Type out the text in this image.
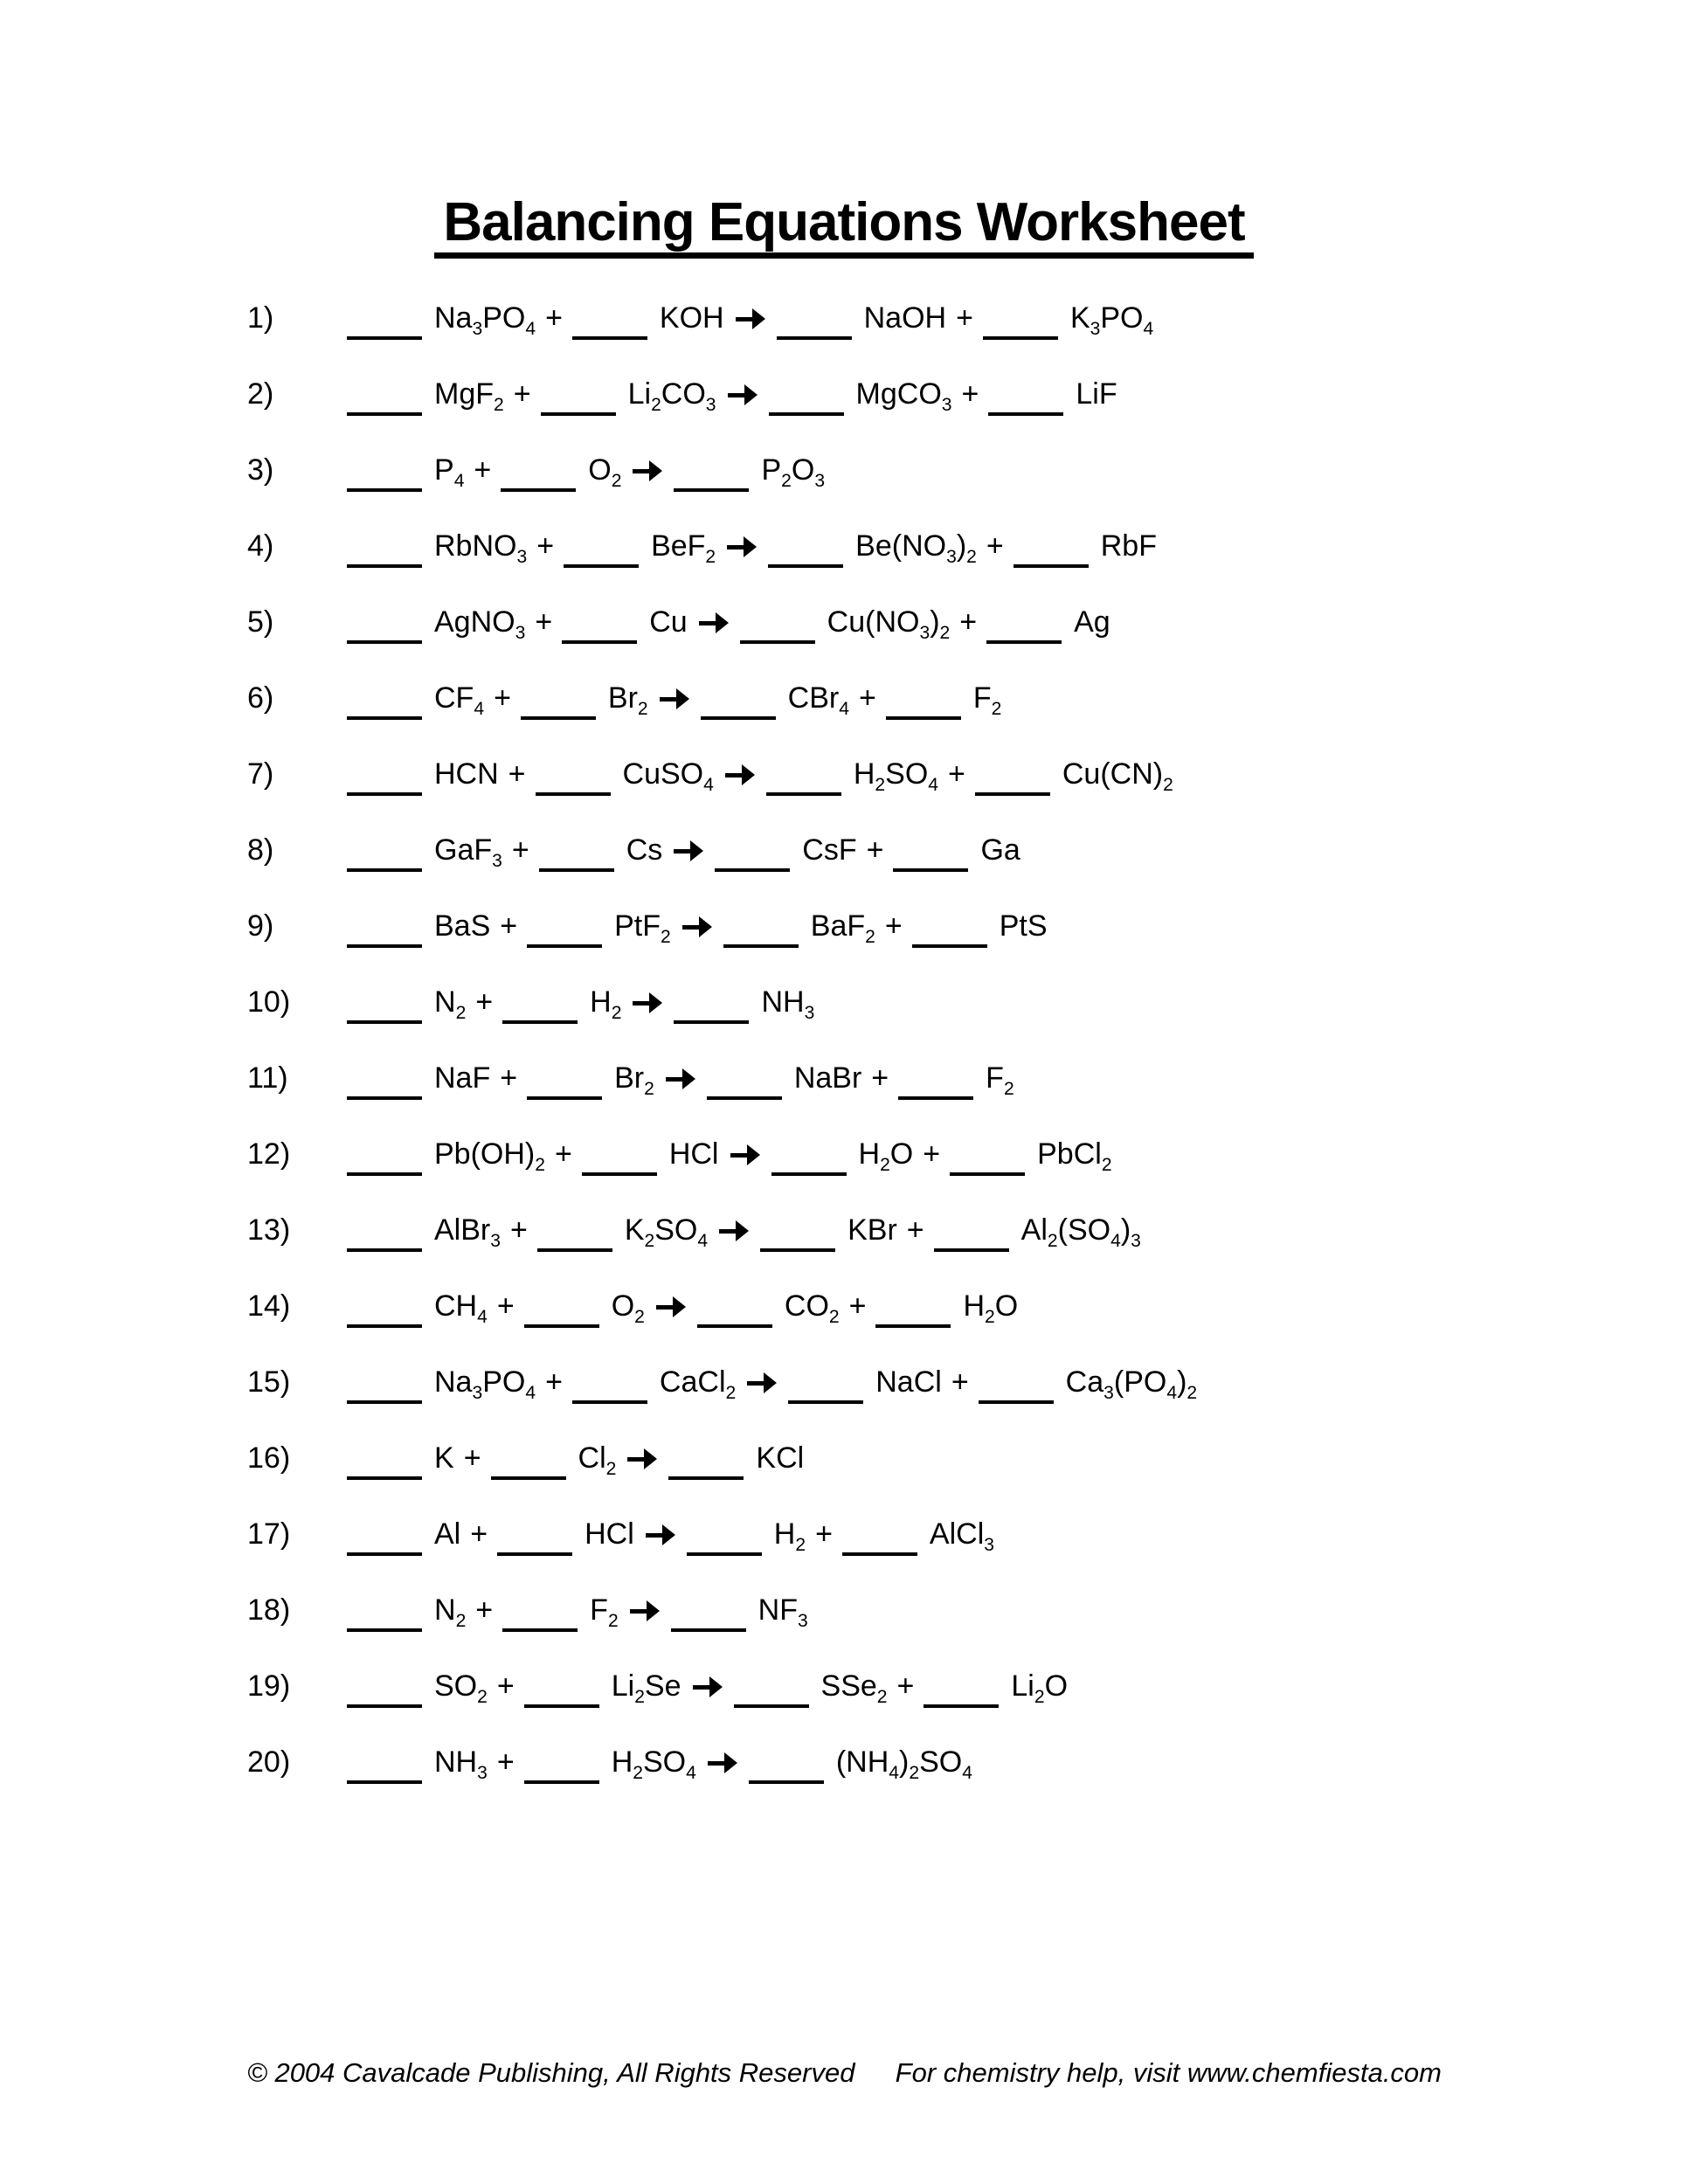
Balancing Equations Worksheet
1)	$Na_3PO_4$ +	KOH	NaOH +	$K_3PO_4$
2)	MgF$_2$ +	$Li_2CO_3$	MgCO$_3$ +	LiF
3)	$P_4$ +	$O_2$	$P_2O_3$
4)	RbNO$_3$ +	BeF$_2$	$Be(NO_3)_2$ +	RbF
5)	AgNO$_3$ +	Cu	$Cu(NO_3)_2$ +	Ag
6)	$CF_4$ +	$Br_2$	CBr$_4$ +	$F_2$
7)	HCN +	CuSO$_4$	$H_2SO_4$ +	$Cu(CN)_2$
8)	GaF$_3$ +	Cs	CsF +	Ga
9)	BaS +	PtF$_2$	BaF$_2$ +	PtS
10)	$N_2$ +	$H_2$	$NH_3$
11)	NaF +	$Br_2$	NaBr +	$F_2$
12)	$Pb(OH)_2$ +	HCl	$H_2O$ +	PbCl$_2$
13)	AlBr$_3$ +	$K_2SO_4$	KBr +	$Al_2(SO_4)_3$
14)	$CH_4$ +	$O_2$	$CO_2$ +	$H_2O$
15)	$Na_3PO_4$ +	CaCl$_2$	NaCl +	$Ca_3(PO_4)_2$
16)	K +	$Cl_2$	KCl
17)	Al +	HCl	$H_2$ +	AlCl$_3$
18)	$N_2$ +	$F_2$	$NF_3$
19)	$SO_2$ +	$Li_2Se$	SSe$_2$ +	$Li_2O$
20)	$NH_3$ +	$H_2SO_4$	$(NH_4)_2SO_4$
© 2004 Cavalcade Publishing, All Rights Reserved For chemistry help, visit www.chemfiesta.com
